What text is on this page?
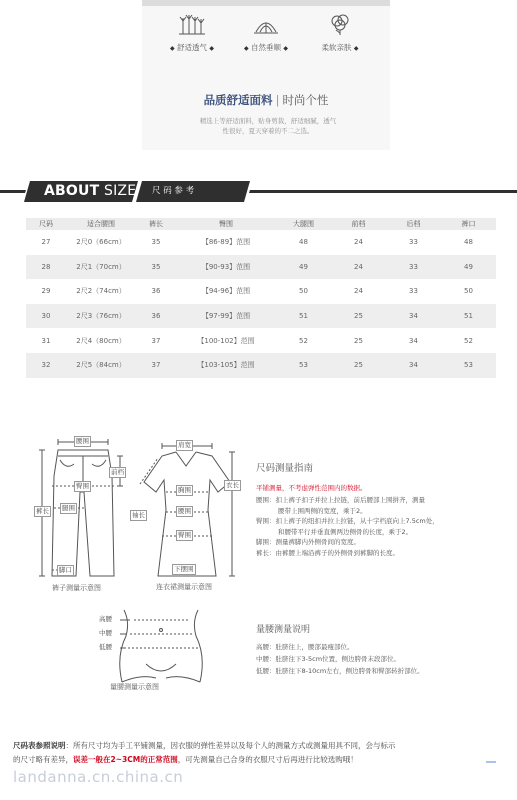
◆ 舒适透气 ◆	◆ 自然垂顺 ◆	柔软亲肤 ◆
品质舒适面料 | 时尚个性
精选上等舒适面料，贴身剪裁，舒适细腻，透气
性很好，夏天穿着的不二之选。
ABOUT SIZE 尺 码 参 考
尺码	适合腰围	裤长	臀围	大腿围	前档	后档	裤口
27	2尺0（66cm）	35	【86-89】范围	48	24	33	48
28	2尺1（70cm）	35	【90-93】范围	49	24	33	49
29	2尺2（74cm）	36	【94-96】范围	50	24	33	50
30	2尺3（76cm）	36	【97-99】范围	51	25	34	51
31	2尺4（80cm）	37	【100-102】范围	52	25	34	52
32	2尺5（84cm）	37	【103-105】范围	53	25	34	53
腰围
前档
臀围
腿围
裤长
脚口
裤子测量示意图
肩宽
胸围
袖长	腰围
衣长
臀围
下摆围
连衣裙测量示意图
尺码测量指南
平铺测量，不考虑弹性范围内的数据。
腰围：扣上裤子扣子并拉上拉链，前后腰部上围拼齐，测量
腰带上围两侧的宽度，乘于2。
臀围：扣上裤子的纽扣并拉上拉链，从十字档底向上7.5cm处，
和腰带平行并垂直侧两边侧骨的长度，乘于2。
脚围：测量裤脚内外侧骨间的宽度。
裤长：由裤腰上端沿裤子的外侧骨到裤脚的长度。
高腰
中腰
低腰
量腰测量示意图
量腰测量说明
高腰：肚脐往上，腰部最瘦部位。
中腰：肚脐往下3-5cm位置，侧边胯骨末段部位。
低腰：肚脐往下8-10cm左右，侧边胯骨和臀部转折部位。
尺码表参照说明：所有尺寸均为手工平铺测量，因衣服的弹性差异以及每个人的测量方式或测量用具不同，会与标示
的尺寸略有差异，误差一般在2~3CM的正常范围，可先测量自己合身的衣服尺寸后再进行比较选购哦！
landanna.cn.china.cn
